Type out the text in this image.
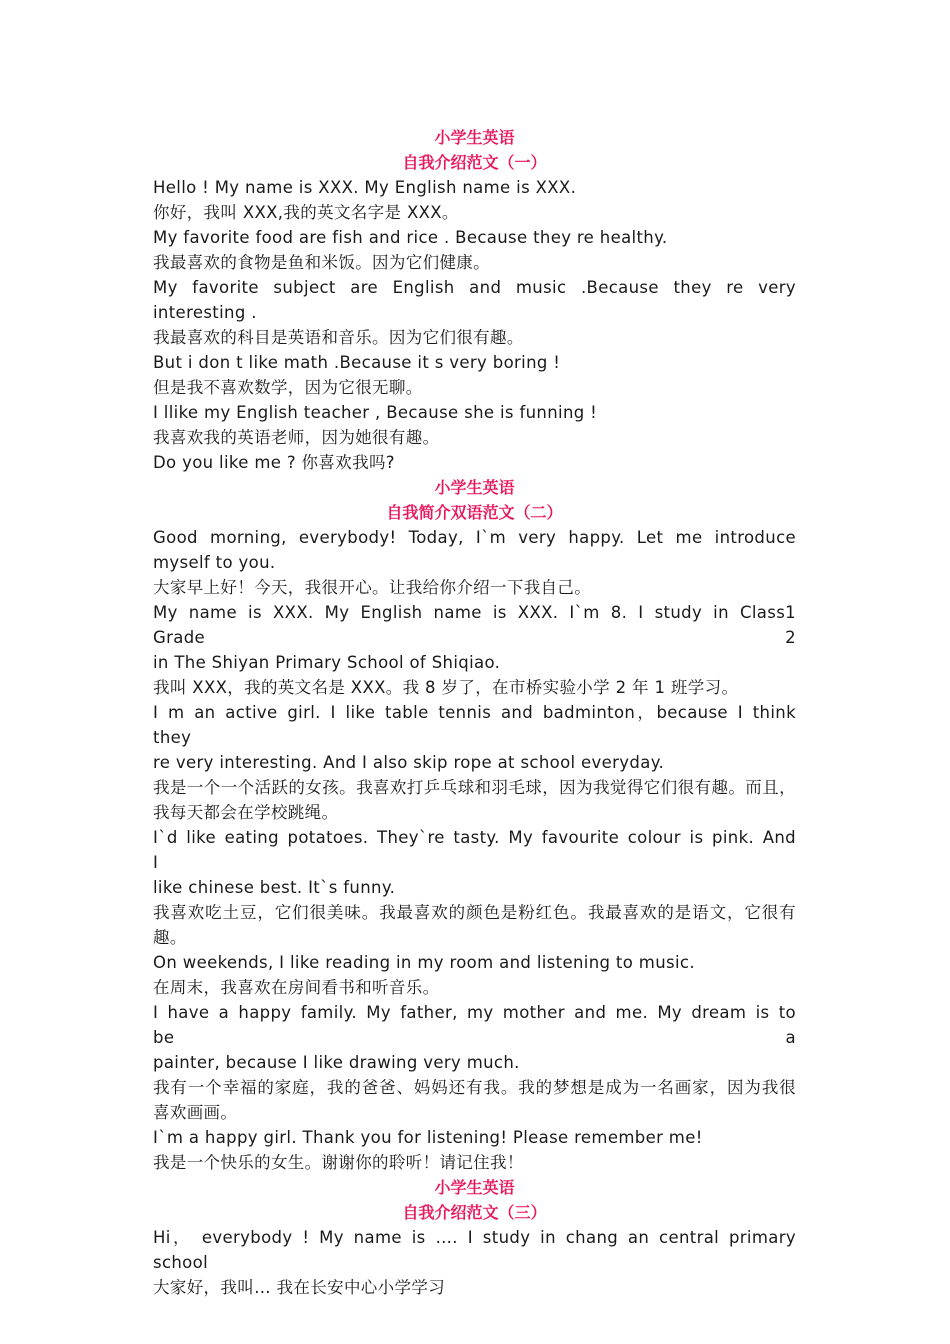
小学生英语
自我介绍范文（一）
Hello ! My name is XXX. My English name is XXX.
你好，我叫 XXX,我的英文名字是 XXX。
My favorite food are fish and rice . Because they re healthy.
我最喜欢的食物是鱼和米饭。因为它们健康。
My favorite subject are English and music .Because they re very
interesting .
我最喜欢的科目是英语和音乐。因为它们很有趣。
But i don t like math .Because it s very boring !
但是我不喜欢数学，因为它很无聊。
I llike my English teacher , Because she is funning !
我喜欢我的英语老师，因为她很有趣。
Do you like me ? 你喜欢我吗?
小学生英语
自我简介双语范文（二）
Good morning, everybody! Today, I`m very happy. Let me introduce
myself to you.
大家早上好！今天，我很开心。让我给你介绍一下我自己。
My name is XXX. My English name is XXX. I`m 8. I study in Class1 Grade 2
in The Shiyan Primary School of Shiqiao.
我叫 XXX，我的英文名是 XXX。我 8 岁了，在市桥实验小学 2 年 1 班学习。
I m an active girl. I like table tennis and badminton，because I think they
re very interesting. And I also skip rope at school everyday.
我是一个一个活跃的女孩。我喜欢打乒乓球和羽毛球，因为我觉得它们很有趣。而且，
我每天都会在学校跳绳。
I`d like eating potatoes. They`re tasty. My favourite colour is pink. And I
like chinese best. It`s funny.
我喜欢吃土豆，它们很美味。我最喜欢的颜色是粉红色。我最喜欢的是语文，它很有
趣。
On weekends, I like reading in my room and listening to music.
在周末，我喜欢在房间看书和听音乐。
I have a happy family. My father, my mother and me. My dream is to be a
painter, because I like drawing very much.
我有一个幸福的家庭，我的爸爸、妈妈还有我。我的梦想是成为一名画家，因为我很
喜欢画画。
I`m a happy girl. Thank you for listening! Please remember me!
我是一个快乐的女生。谢谢你的聆听！请记住我！
小学生英语
自我介绍范文（三）
Hi， everybody ! My name is …. I study in chang an central primary
school
大家好，我叫… 我在长安中心小学学习
